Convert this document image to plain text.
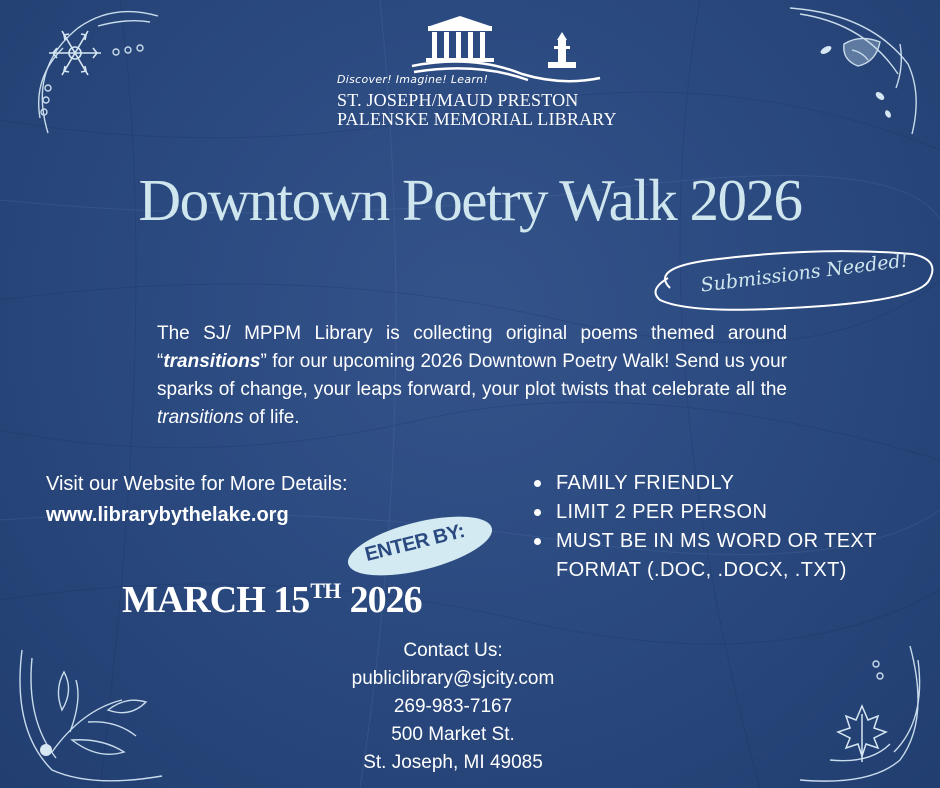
Discover! Imagine! Learn!
ST. JOSEPH/MAUD PRESTON
PALENSKE MEMORIAL LIBRARY
Downtown Poetry Walk 2026
Submissions Needed!
The SJ/ MPPM Library is collecting original poems themed around “transitions” for our upcoming 2026 Downtown Poetry Walk! Send us your sparks of change, your leaps forward, your plot twists that celebrate all the transitions of life.
Visit our Website for More Details:
www.librarybythelake.org
ENTER BY:
MARCH 15TH 2026
FAMILY FRIENDLY
LIMIT 2 PER PERSON
MUST BE IN MS WORD OR TEXT FORMAT (.DOC, .DOCX, .TXT)
Contact Us:
publiclibrary@sjcity.com
269-983-7167
500 Market St.
St. Joseph, MI 49085
